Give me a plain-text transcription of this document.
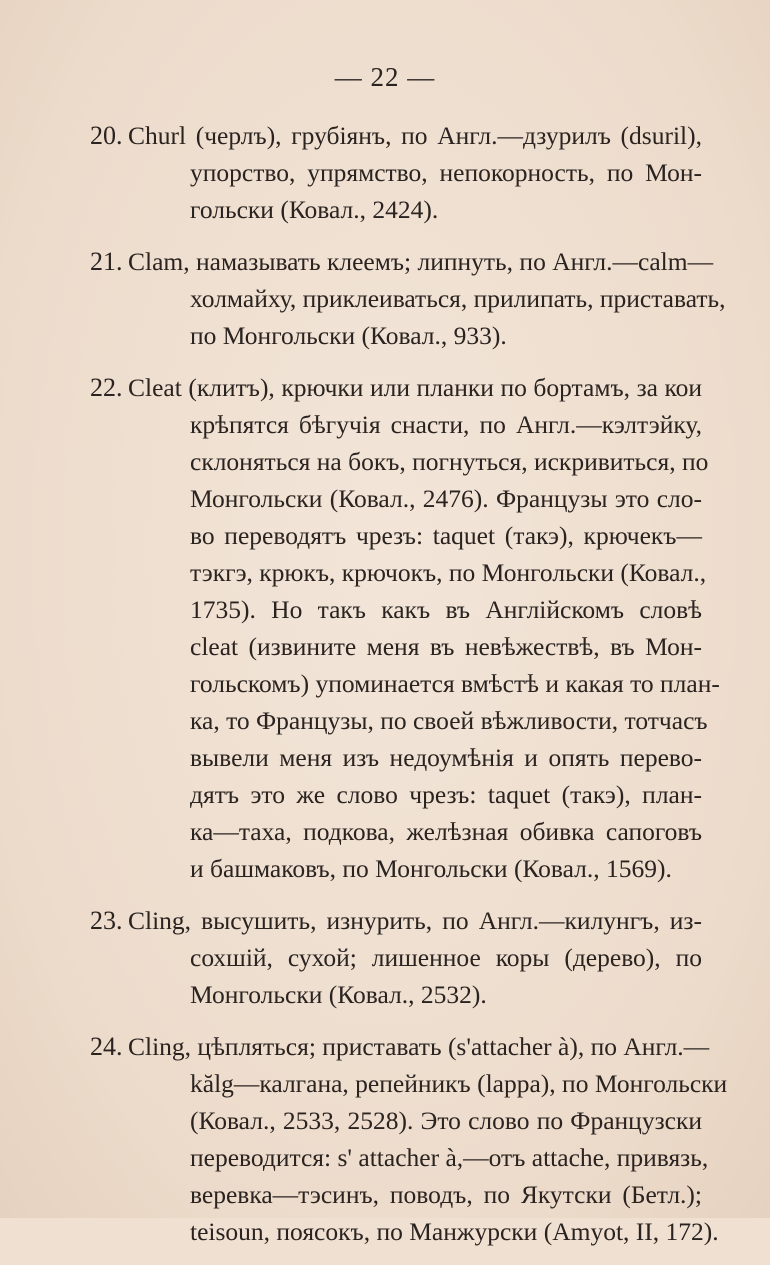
— 22 —
20. Churl (черлъ), грубіянъ, по Англ.—дзурилъ (dsuril),
упорство, упрямство, непокорность, по Мон-
гольски (Ковал., 2424).
21. Clam, намазывать клеемъ; липнуть, по Англ.—calm—
холмайху, приклеиваться, прилипать, приставать,
по Монгольски (Ковал., 933).
22. Cleat (клитъ), крючки или планки по бортамъ, за кои
крѣпятся бѣгучія снасти, по Англ.—кэлтэйку,
склоняться на бокъ, погнуться, искривиться, по
Монгольски (Ковал., 2476). Французы это сло-
во переводятъ чрезъ: taquet (такэ), крючекъ—
тэкгэ, крюкъ, крючокъ, по Монгольски (Ковал.,
1735). Но такъ какъ въ Англійскомъ словѣ
cleat (извините меня въ невѣжествѣ, въ Мон-
гольскомъ) упоминается вмѣстѣ и какая то план-
ка, то Французы, по своей вѣжливости, тотчасъ
вывели меня изъ недоумѣнія и опять перево-
дятъ это же слово чрезъ: taquet (такэ), план-
ка—таха, подкова, желѣзная обивка сапоговъ
и башмаковъ, по Монгольски (Ковал., 1569).
23. Cling, высушить, изнурить, по Англ.—килунгъ, из-
сохшій, сухой; лишенное коры (дерево), по
Монгольски (Ковал., 2532).
24. Cling, цѣпляться; приставать (s'attacher à), по Англ.—
kălg—калгана, репейникъ (lappa), по Монгольски
(Ковал., 2533, 2528). Это слово по Французски
переводится: s' attacher à,—отъ attache, привязь,
веревка—тэсинъ, поводъ, по Якутски (Бетл.);
teisoun, поясокъ, по Манжурски (Amyot, II, 172).
